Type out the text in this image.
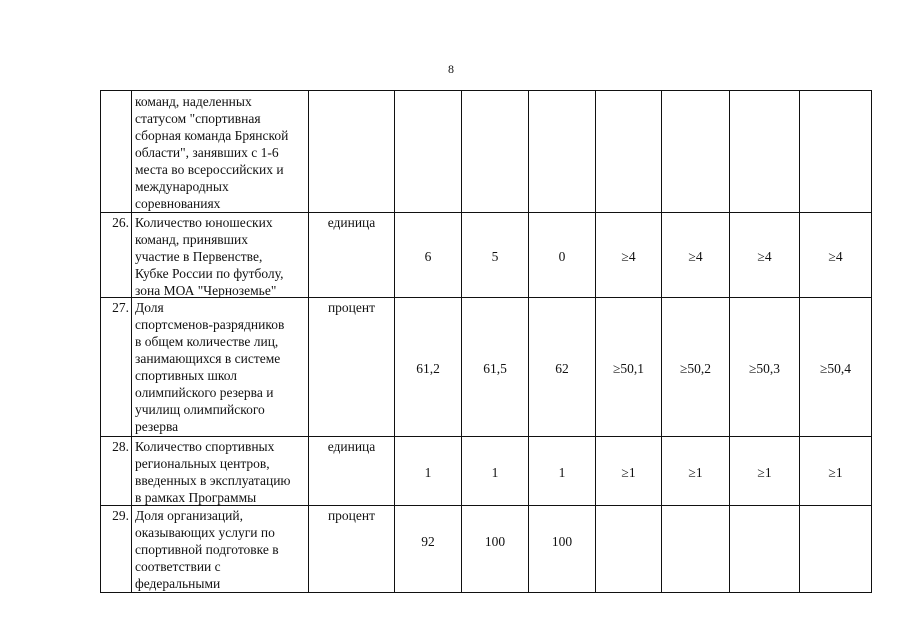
8
команд, наделенных
статусом "спортивная
сборная команда Брянской
области", занявших с 1-6
места во всероссийских и
международных
соревнованиях
26. Количество юношеских
команд, принявших
участие в Первенстве,
Кубке России по футболу,
зона МОА "Черноземье"
единица
6	5	0	≥4	≥4	≥4	≥4
27. Доля
спортсменов-разрядников
в общем количестве лиц,
занимающихся в системе
спортивных школ
олимпийского резерва и
училищ олимпийского
резерва
процент
61,2	61,5	62	≥50,1	≥50,2	≥50,3	≥50,4
28. Количество спортивных
региональных центров,
введенных в эксплуатацию
в рамках Программы
единица
1	1	1	≥1	≥1	≥1	≥1
29. Доля организаций,
оказывающих услуги по
спортивной подготовке в
соответствии с
федеральными
процент
92	100	100
